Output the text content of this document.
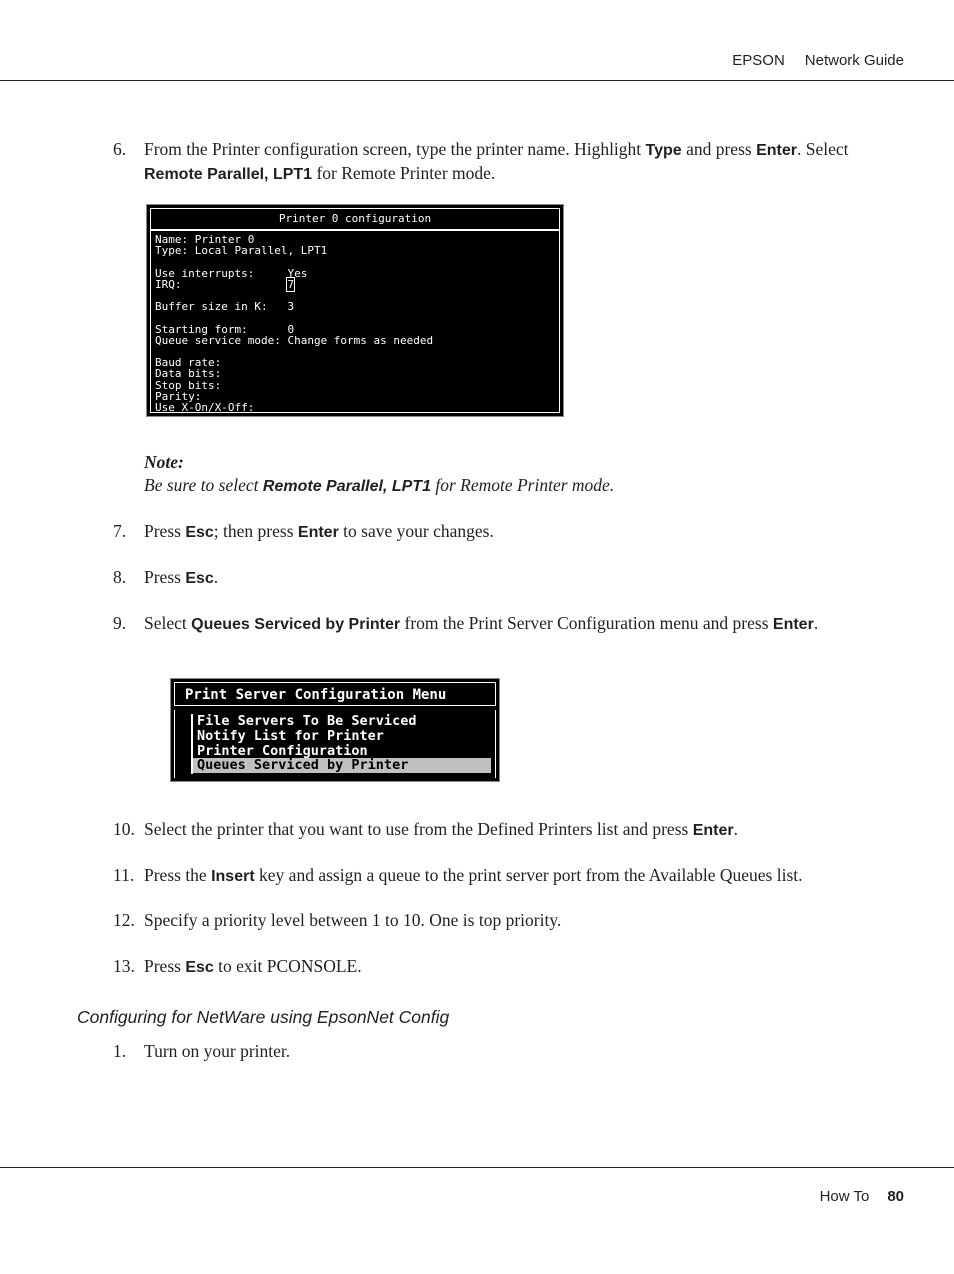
EPSON Network Guide
6. From the Printer configuration screen, type the printer name. Highlight Type and press Enter. Select Remote Parallel, LPT1 for Remote Printer mode.
Printer 0 configuration
Name: Printer 0
Type: Local Parallel, LPT1

Use interrupts:     Yes
IRQ:                7

Buffer size in K:   3

Starting form:      0
Queue service mode: Change forms as needed

Baud rate:
Data bits:
Stop bits:
Parity:
Use X-On/X-Off:
Note:
Be sure to select Remote Parallel, LPT1 for Remote Printer mode.
7. Press Esc; then press Enter to save your changes.
8. Press Esc.
9. Select Queues Serviced by Printer from the Print Server Configuration menu and press Enter.
Print Server Configuration Menu
File Servers To Be Serviced
Notify List for Printer
Printer Configuration
Queues Serviced by Printer
10. Select the printer that you want to use from the Defined Printers list and press Enter.
11. Press the Insert key and assign a queue to the print server port from the Available Queues list.
12. Specify a priority level between 1 to 10. One is top priority.
13. Press Esc to exit PCONSOLE.
Configuring for NetWare using EpsonNet Config
1. Turn on your printer.
How To 80
